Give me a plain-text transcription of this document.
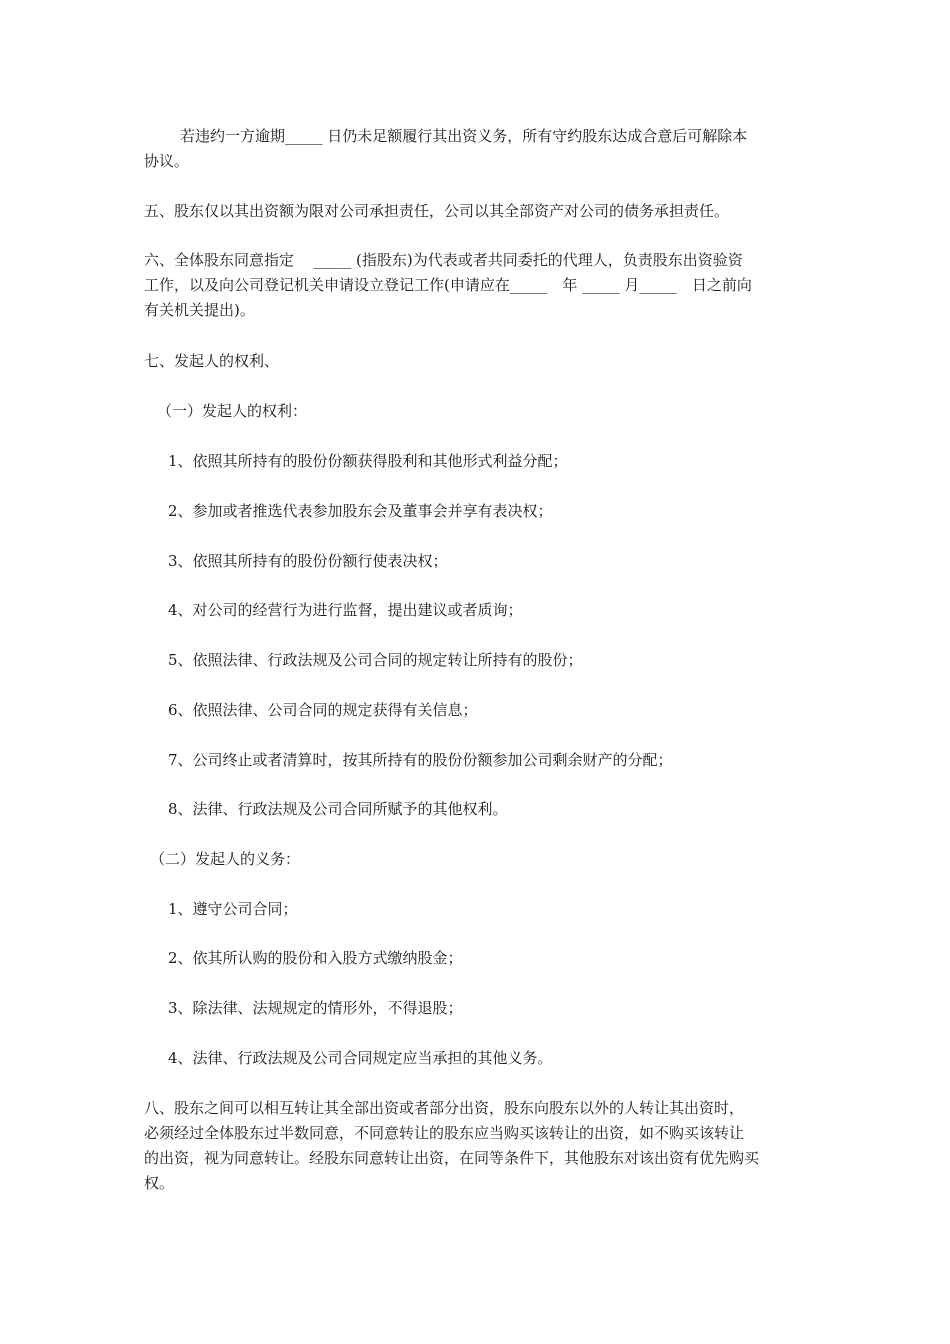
若违约一方逾期_____ 日仍未足额履行其出资义务，所有守约股东达成合意后可解除本
协议。
五、股东仅以其出资额为限对公司承担责任，公司以其全部资产对公司的债务承担责任。
六、全体股东同意指定　 _____ (指股东)为代表或者共同委托的代理人，负责股东出资验资
工作，以及向公司登记机关申请设立登记工作(申请应在_____　年 _____ 月_____　日之前向
有关机关提出)。
七、发起人的权利、
（一）发起人的权利：
1、依照其所持有的股份份额获得股利和其他形式利益分配；
2、参加或者推选代表参加股东会及董事会并享有表决权；
3、依照其所持有的股份份额行使表决权；
4、对公司的经营行为进行监督，提出建议或者质询；
5、依照法律、行政法规及公司合同的规定转让所持有的股份；
6、依照法律、公司合同的规定获得有关信息；
7、公司终止或者清算时，按其所持有的股份份额参加公司剩余财产的分配；
8、法律、行政法规及公司合同所赋予的其他权利。
（二）发起人的义务：
1、遵守公司合同；
2、依其所认购的股份和入股方式缴纳股金；
3、除法律、法规规定的情形外，不得退股；
4、法律、行政法规及公司合同规定应当承担的其他义务。
八、股东之间可以相互转让其全部出资或者部分出资，股东向股东以外的人转让其出资时，
必须经过全体股东过半数同意，不同意转让的股东应当购买该转让的出资，如不购买该转让
的出资，视为同意转让。经股东同意转让出资，在同等条件下，其他股东对该出资有优先购买
权。
